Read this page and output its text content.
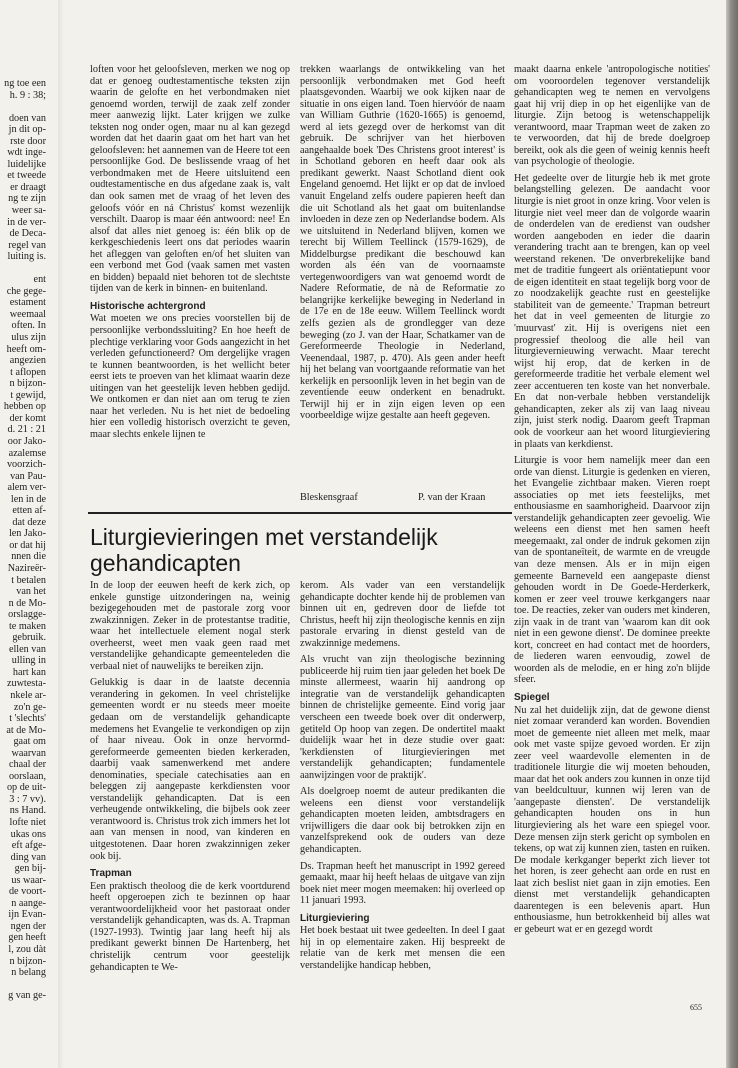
ng toe een
h. 9 : 38;

doen van
jn dit op-
rste door
wdt inge-
luidelijke
et tweede
er draagt
ng te zijn
weer sa-
in de ver-
de Deca-
regel van
luiting is.

ent
che gege-
estament
weemaal
often. In
ulus zijn
heeft om-
angezien
t aflopen
n bijzon-
t gewijd,
hebben op
der komt
d. 21 : 21
oor Jako-
azalemse
voorzich-
van Pau-
alem ver-
len in de
etten af-
dat deze
len Jako-
or dat hij
nnen die
Nazireër-
t betalen
van het
n de Mo-
orslagge-
te maken
gebruik.
ellen van
ulling in
hart kan
zuwtesta-
nkele ar-
zo'n ge-
t 'slechts'
at de Mo-
gaat om
waarvan
chaal der
oorslaan,
op de uit-
3 : 7 vv).
ns Hand.
lofte niet
ukas ons
eft afge-
ding van
gen bij-
us waar-
de voort-
n aange-
ijn Evan-
ngen der
gen heeft
l, zou dàt
n bijzon-
n belang

g van ge-

loften voor het geloofsleven, merken we nog op dat er genoeg oudtestamentische teksten zijn waarin de gelofte en het verbondmaken niet genoemd worden, terwijl de zaak zelf zonder meer aanwezig lijkt. Later krijgen we zulke teksten nog onder ogen, maar nu al kan gezegd worden dat het daarin gaat om het hart van het geloofsleven: het aannemen van de Heere tot een persoonlijke God. De beslissende vraag of het verbondmaken met de Heere uitsluitend een oudtestamentische en dus afgedane zaak is, valt dan ook samen met de vraag of het leven des geloofs vóór en ná Christus' komst wezenlijk verschilt. Daarop is maar één antwoord: nee! En alsof dat alles niet genoeg is: één blik op de kerkgeschiedenis leert ons dat periodes waarin het afleggen van geloften en/of het sluiten van een verbond met God (vaak samen met vasten en bidden) bepaald niet behoren tot de slechtste tijden van de kerk in binnen- en buitenland.

Historische achtergrond

Wat moeten we ons precies voorstellen bij de persoonlijke verbondssluiting? En hoe heeft de plechtige verklaring voor Gods aangezicht in het verleden gefunctioneerd? Om dergelijke vragen te kunnen beantwoorden, is het wellicht beter eerst iets te proeven van het klimaat waarin deze uitingen van het geestelijk leven hebben gedijd. We ontkomen er dan niet aan om terug te zien naar het verleden. Nu is het niet de bedoeling hier een volledig historisch overzicht te geven, maar slechts enkele lijnen te

trekken waarlangs de ontwikkeling van het persoonlijk verbondmaken met God heeft plaatsgevonden. Waarbij we ook kijken naar de situatie in ons eigen land. Toen hiervóór de naam van William Guthrie (1620-1665) is genoemd, werd al iets gezegd over de herkomst van dit gebruik. De schrijver van het hierboven aangehaalde boek 'Des Christens groot interest' is in Schotland geboren en heeft daar ook als predikant gewerkt. Naast Schotland dient ook Engeland genoemd. Het lijkt er op dat de invloed vanuit Engeland zelfs oudere papieren heeft dan die uit Schotland als het gaat om buitenlandse invloeden in deze zen op Nederlandse bodem. Als we uitsluitend in Nederland blijven, komen we terecht bij Willem Teellinck (1579-1629), de Middelburgse predikant die beschouwd kan worden als één van de voornaamste vertegenwoordigers van wat genoemd wordt de Nadere Reformatie, de nà de Reformatie zo belangrijke kerkelijke beweging in Nederland in de 17e en de 18e eeuw. Willem Teellinck wordt zelfs gezien als de grondlegger van deze beweging (zo J. van der Haar, Schatkamer van de Gereformeerde Theologie in Nederland, Veenendaal, 1987, p. 470). Als geen ander heeft hij het belang van voortgaande reformatie van het kerkelijk en persoonlijk leven in het begin van de zeventiende eeuw onderkent en benadrukt. Terwijl hij er in zijn eigen leven op een voorbeeldige wijze gestalte aan heeft gegeven.

Bleskensgraaf	P. van der Kraan
Liturgievieringen met verstandelijk gehandicapten

In de loop der eeuwen heeft de kerk zich, op enkele gunstige uitzonderingen na, weinig bezigegehouden met de pastorale zorg voor zwakzinnigen. Zeker in de protestantse traditie, waar het intellectuele element nogal sterk overheerst, weet men vaak geen raad met verstandelijke gehandicapte gemeenteleden die verbaal niet of nauwelijks te bereiken zijn.

Gelukkig is daar in de laatste decennia verandering in gekomen. In veel christelijke gemeenten wordt er nu steeds meer moeite gedaan om de verstandelijk gehandicapte medemens het Evangelie te verkondigen op zijn of haar niveau. Ook in onze hervormd-gereformeerde gemeenten bieden kerkeraden, daarbij vaak samenwerkend met andere denominaties, speciale catechisaties aan en beleggen zij aangepaste kerkdiensten voor verstandelijk gehandicapten. Dat is een verheugende ontwikkeling, die bijbels ook zeer verantwoord is. Christus trok zich immers het lot aan van mensen in nood, van kinderen en uitgestotenen. Daar horen zwakzinnigen zeker ook bij.

Trapman

Een praktisch theoloog die de kerk voortdurend heeft opgeroepen zich te bezinnen op haar verantwoordelijkheid voor het pastoraat onder verstandelijk gehandicapten, was ds. A. Trapman (1927-1993). Twintig jaar lang heeft hij als predikant gewerkt binnen De Hartenberg, het christelijk centrum voor geestelijk gehandicapten te We-

kerom. Als vader van een verstandelijk gehandicapte dochter kende hij de problemen van binnen uit en, gedreven door de liefde tot Christus, heeft hij zijn theologische kennis en zijn pastorale ervaring in dienst gesteld van de zwakzinnige medemens.

Als vrucht van zijn theologische bezinning publiceerde hij ruim tien jaar geleden het boek De minste allermeest, waarin hij aandrong op integratie van de verstandelijk gehandicapten binnen de christelijke gemeente. Eind vorig jaar verscheen een tweede boek over dit onderwerp, getiteld Op hoop van zegen. De ondertitel maakt duidelijk waar het in deze studie over gaat: 'kerkdiensten of liturgievieringen met verstandelijk gehandicapten; fundamentele aanwijzingen voor de praktijk'.

Als doelgroep noemt de auteur predikanten die weleens een dienst voor verstandelijk gehandicapten moeten leiden, ambtsdragers en vrijwilligers die daar ook bij betrokken zijn en vanzelfsprekend ook de ouders van deze gehandicapten.

Ds. Trapman heeft het manuscript in 1992 gereed gemaakt, maar hij heeft helaas de uitgave van zijn boek niet meer mogen meemaken: hij overleed op 11 januari 1993.

Liturgieviering

Het boek bestaat uit twee gedeelten. In deel I gaat hij in op elementaire zaken. Hij bespreekt de relatie van de kerk met mensen die een verstandelijke handicap hebben,

maakt daarna enkele 'antropologische notities' om vooroordelen tegenover verstandelijk gehandicapten weg te nemen en vervolgens gaat hij vrij diep in op het eigenlijke van de liturgie. Zijn betoog is wetenschappelijk verantwoord, maar Trapman weet de zaken zo te verwoorden, dat hij de brede doelgroep bereikt, ook als die geen of weinig kennis heeft van psychologie of theologie.

Het gedeelte over de liturgie heb ik met grote belangstelling gelezen. De aandacht voor liturgie is niet groot in onze kring. Voor velen is liturgie niet veel meer dan de volgorde waarin de onderdelen van de eredienst van oudsher worden aangeboden en ieder die daarin verandering tracht aan te brengen, kan op veel weerstand rekenen. 'De onverbrekelijke band met de traditie fungeert als oriëntatiepunt voor de eigen identiteit en staat tegelijk borg voor de zo noodzakelijk geachte rust en geestelijke stabiliteit van de gemeente.' Trapman betreurt het dat in veel gemeenten de liturgie zo 'muurvast' zit. Hij is overigens niet een progressief theoloog die alle heil van liturgievernieuwing verwacht. Maar terecht wijst hij erop, dat de kerken in de gereformeerde traditie het verbale element wel zeer accentueren ten koste van het nonverbale. En dat non-verbale hebben verstandelijk gehandicapten, zeker als zij van laag niveau zijn, juist sterk nodig. Daarom geeft Trapman ook de voorkeur aan het woord liturgieviering in plaats van kerkdienst.

Liturgie is voor hem namelijk meer dan een orde van dienst. Liturgie is gedenken en vieren, het Evangelie zichtbaar maken. Vieren roept associaties op met iets feestelijks, met enthousiasme en saamhorigheid. Daarvoor zijn verstandelijk gehandicapten zeer gevoelig. Wie weleens een dienst met hen samen heeft meegemaakt, zal onder de indruk gekomen zijn van de spontaneïteit, de warmte en de vreugde van deze mensen. Als er in mijn eigen gemeente Barneveld een aangepaste dienst gehouden wordt in De Goede-Herderkerk, komen er zeer veel trouwe kerkgangers naar toe. De reacties, zeker van ouders met kinderen, zijn vaak in de trant van 'waarom kan dit ook niet in een gewone dienst'. De dominee preekte kort, concreet en had contact met de hoorders, de liederen waren eenvoudig, zowel de woorden als de melodie, en er hing zo'n blijde sfeer.

Spiegel

Nu zal het duidelijk zijn, dat de gewone dienst niet zomaar veranderd kan worden. Bovendien moet de gemeente niet alleen met melk, maar ook met vaste spijze gevoed worden. Er zijn zeer veel waardevolle elementen in de traditionele liturgie die wij moeten behouden, maar dat het ook anders zou kunnen in onze tijd van beeldcultuur, kunnen wij leren van de 'aangepaste diensten'. De verstandelijk gehandicapten houden ons in hun liturgieviering als het ware een spiegel voor. Deze mensen zijn sterk gericht op symbolen en tekens, op wat zij kunnen zien, tasten en ruiken. De modale kerkganger beperkt zich liever tot het horen, is zeer gehecht aan orde en rust en laat zich beslist niet gaan in zijn emoties. Een dienst met verstandelijk gehandicapten daarentegen is een belevenis apart. Hun enthousiasme, hun betrokkenheid bij alles wat er gebeurt wat er en gezegd wordt

655
